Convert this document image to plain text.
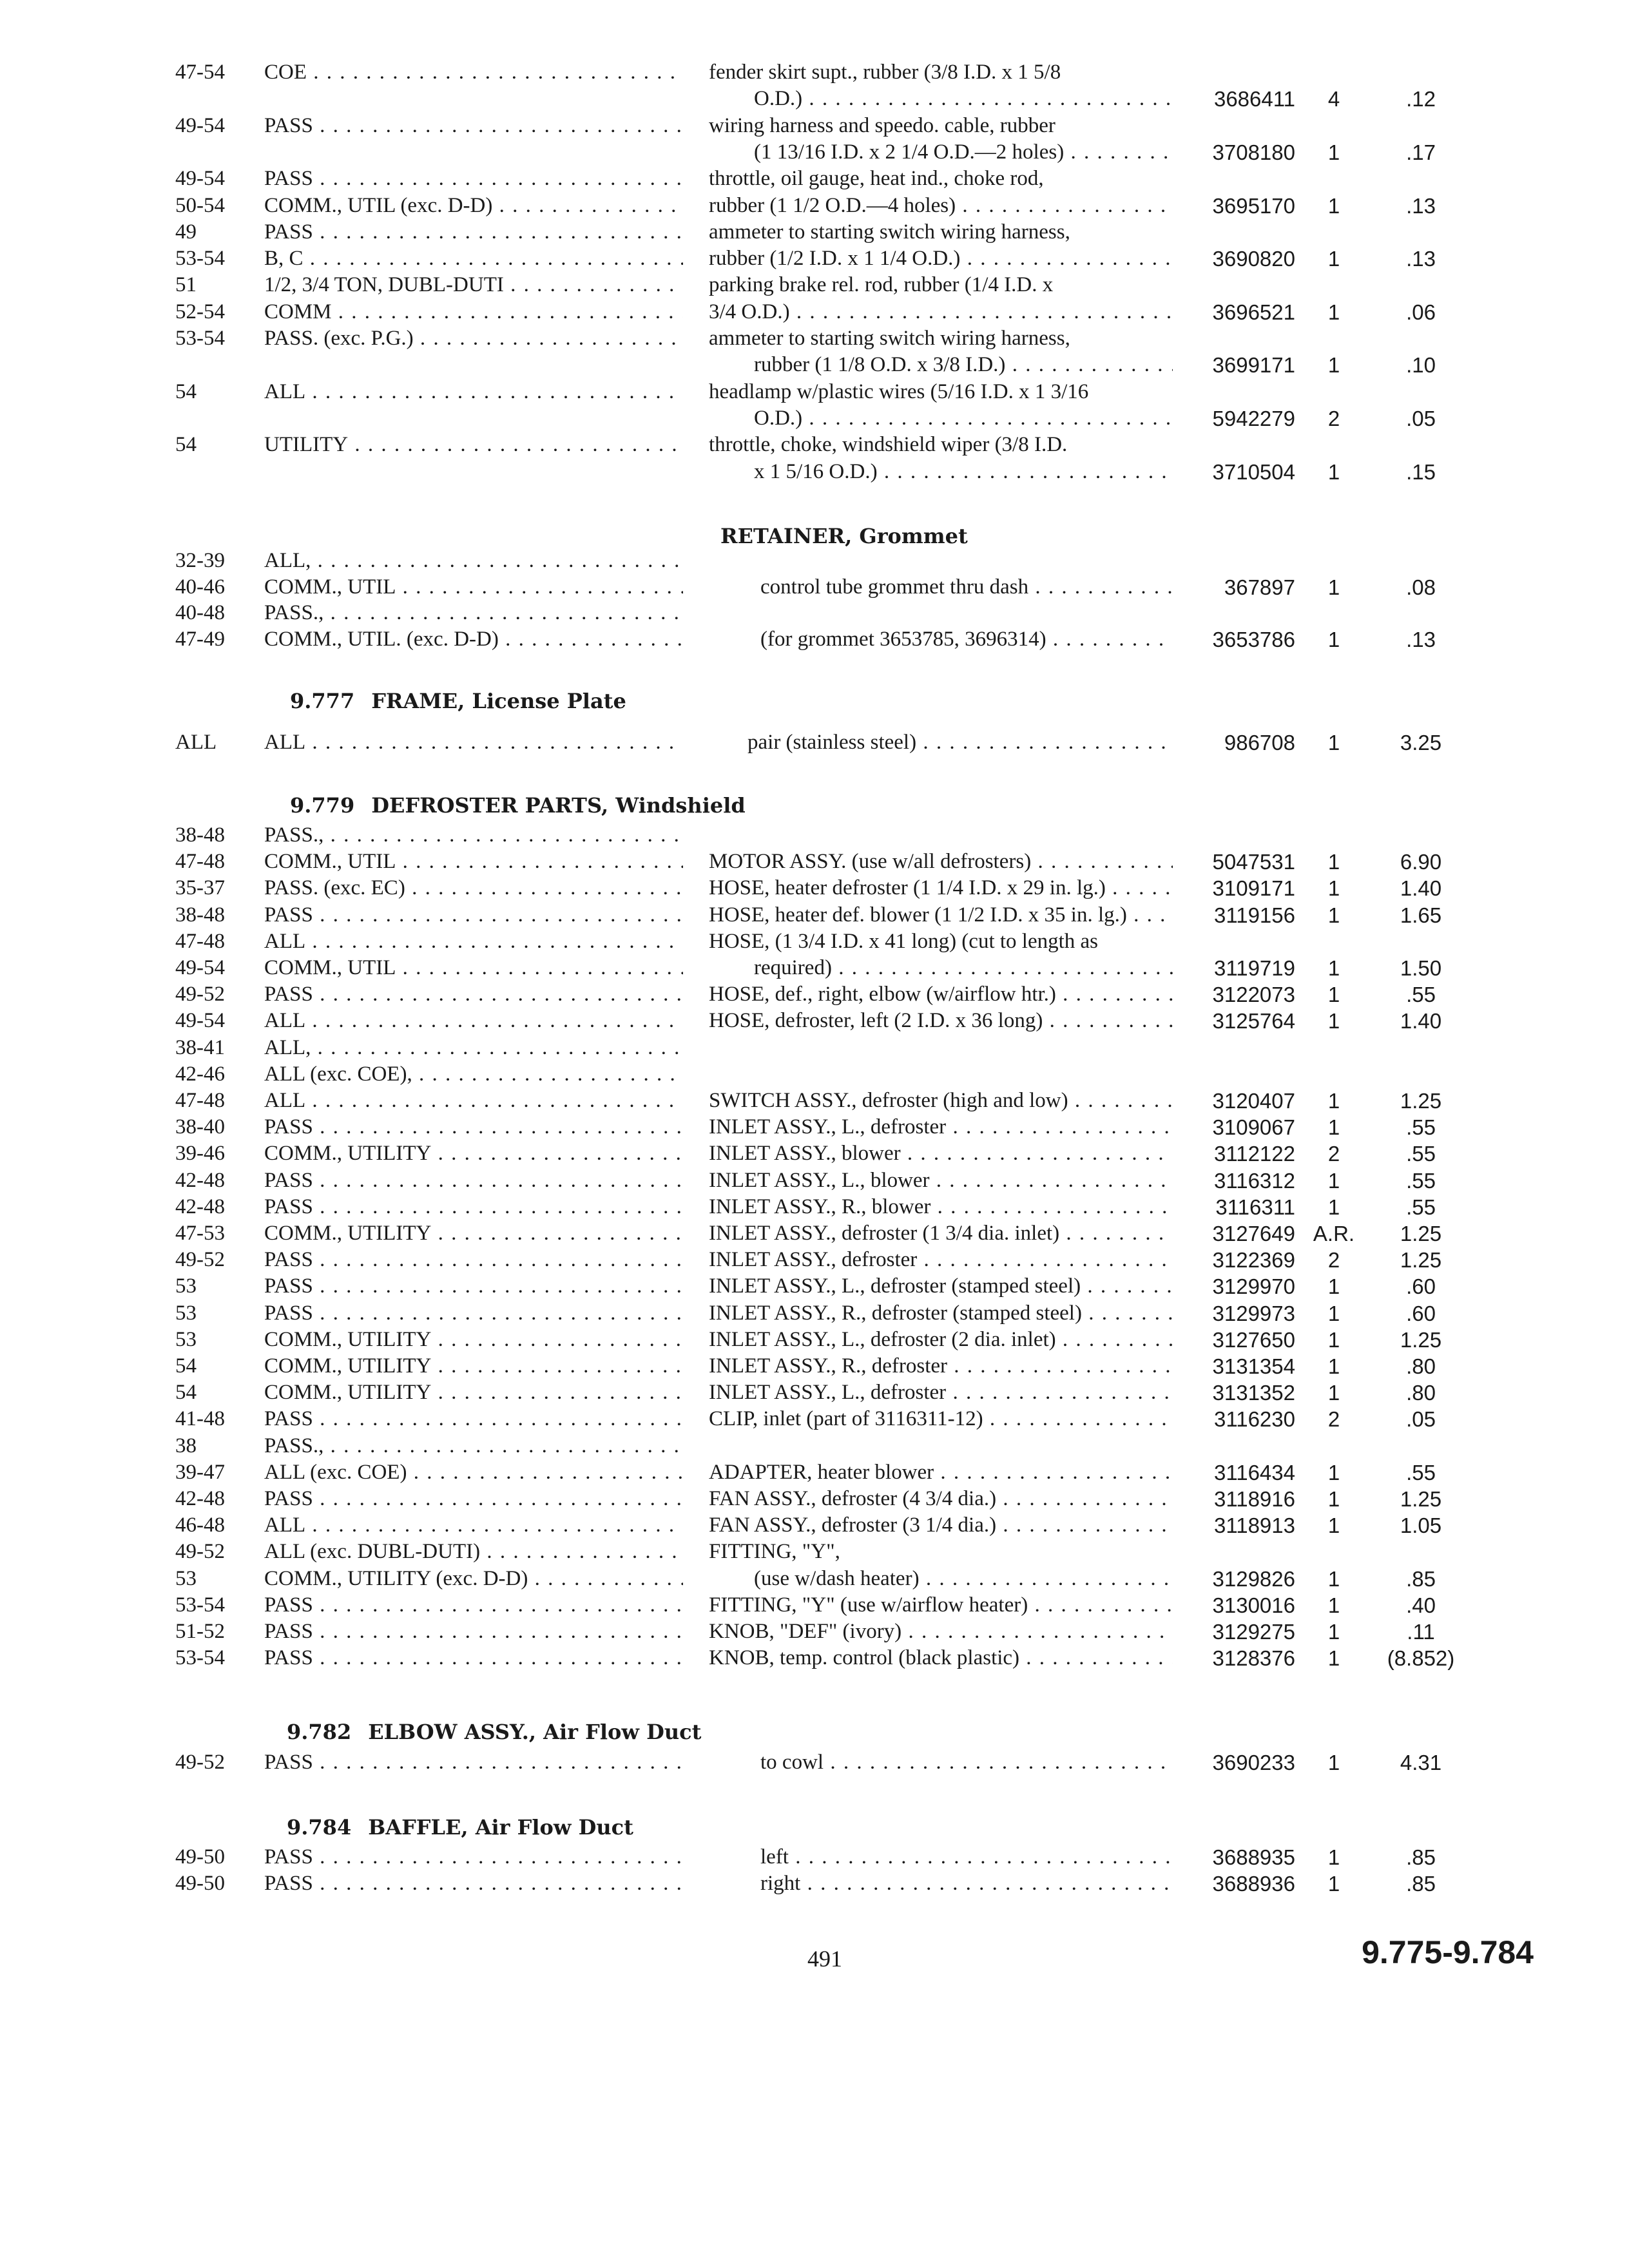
47-54	COE . . .	fender skirt supt., rubber (3/8 I.D. x 1 5/8
O.D.) . . .	3686411	4	.12
49-54	PASS . . .	wiring harness and speedo. cable, rubber
(1 13/16 I.D. x 2 1/4 O.D.—2 holes) . . .	3708180	1	.17
49-54	PASS . . .	throttle, oil gauge, heat ind., choke rod,
50-54	COMM., UTIL (exc. D-D) . . .	rubber (1 1/2 O.D.—4 holes) . . .	3695170	1	.13
49	PASS . . .	ammeter to starting switch wiring harness,
53-54	B, C . . .	rubber (1/2 I.D. x 1 1/4 O.D.) . . .	3690820	1	.13
51	1/2, 3/4 TON, DUBL-DUTI . . .	parking brake rel. rod, rubber (1/4 I.D. x
52-54	COMM . . .	3/4 O.D.) . . .	3696521	1	.06
53-54	PASS. (exc. P.G.) . . .	ammeter to starting switch wiring harness,
rubber (1 1/8 O.D. x 3/8 I.D.) . . .	3699171	1	.10
54	ALL . . .	headlamp w/plastic wires (5/16 I.D. x 1 3/16
O.D.) . . .	5942279	2	.05
54	UTILITY . . .	throttle, choke, windshield wiper (3/8 I.D.
x 1 5/16 O.D.) . . .	3710504	1	.15
RETAINER, Grommet
32-39	ALL, . . .
40-46	COMM., UTIL . . .	control tube grommet thru dash . . .	367897	1	.08
40-48	PASS., . . .
47-49	COMM., UTIL. (exc. D-D) . . .	(for grommet 3653785, 3696314) . . .	3653786	1	.13
9.777 FRAME, License Plate
ALL	ALL . . .	pair (stainless steel) . . .	986708	1	3.25
9.779 DEFROSTER PARTS, Windshield
38-48	PASS., . . .
47-48	COMM., UTIL . . .	MOTOR ASSY. (use w/all defrosters) . . .	5047531	1	6.90
35-37	PASS. (exc. EC) . . .	HOSE, heater defroster (1 1/4 I.D. x 29 in. lg.) . . .	3109171	1	1.40
38-48	PASS . . .	HOSE, heater def. blower (1 1/2 I.D. x 35 in. lg.) . . .	3119156	1	1.65
47-48	ALL . . .	HOSE, (1 3/4 I.D. x 41 long) (cut to length as
49-54	COMM., UTIL . . .	required) . . .	3119719	1	1.50
49-52	PASS . . .	HOSE, def., right, elbow (w/airflow htr.) . . .	3122073	1	.55
49-54	ALL . . .	HOSE, defroster, left (2 I.D. x 36 long) . . .	3125764	1	1.40
38-41	ALL, . . .
42-46	ALL (exc. COE), . . .
47-48	ALL . . .	SWITCH ASSY., defroster (high and low) . . .	3120407	1	1.25
38-40	PASS . . .	INLET ASSY., L., defroster . . .	3109067	1	.55
39-46	COMM., UTILITY . . .	INLET ASSY., blower . . .	3112122	2	.55
42-48	PASS . . .	INLET ASSY., L., blower . . .	3116312	1	.55
42-48	PASS . . .	INLET ASSY., R., blower . . .	3116311	1	.55
47-53	COMM., UTILITY . . .	INLET ASSY., defroster (1 3/4 dia. inlet) . . .	3127649 A.R.	1.25
49-52	PASS . . .	INLET ASSY., defroster . . .	3122369	2	1.25
53	PASS . . .	INLET ASSY., L., defroster (stamped steel) . . .	3129970	1	.60
53	PASS . . .	INLET ASSY., R., defroster (stamped steel) . . .	3129973	1	.60
53	COMM., UTILITY . . .	INLET ASSY., L., defroster (2 dia. inlet) . . .	3127650	1	1.25
54	COMM., UTILITY . . .	INLET ASSY., R., defroster . . .	3131354	1	.80
54	COMM., UTILITY . . .	INLET ASSY., L., defroster . . .	3131352	1	.80
41-48	PASS . . .	CLIP, inlet (part of 3116311-12) . . .	3116230	2	.05
38	PASS., . . .
39-47	ALL (exc. COE) . . .	ADAPTER, heater blower . . .	3116434	1	.55
42-48	PASS . . .	FAN ASSY., defroster (4 3/4 dia.) . . .	3118916	1	1.25
46-48	ALL . . .	FAN ASSY., defroster (3 1/4 dia.) . . .	3118913	1	1.05
49-52	ALL (exc. DUBL-DUTI) . . .	FITTING, "Y",
53	COMM., UTILITY (exc. D-D) . . .	(use w/dash heater) . . .	3129826	1	.85
53-54	PASS . . .	FITTING, "Y" (use w/airflow heater) . . .	3130016	1	.40
51-52	PASS . . .	KNOB, "DEF" (ivory) . . .	3129275	1	.11
53-54	PASS . . .	KNOB, temp. control (black plastic) . . .	3128376	1	(8.852)
9.782 ELBOW ASSY., Air Flow Duct
49-52	PASS . . .	to cowl . . .	3690233	1	4.31
9.784 BAFFLE, Air Flow Duct
49-50	PASS . . .	left . . .	3688935	1	.85
49-50	PASS . . .	right . . .	3688936	1	.85
491	9.775-9.784
